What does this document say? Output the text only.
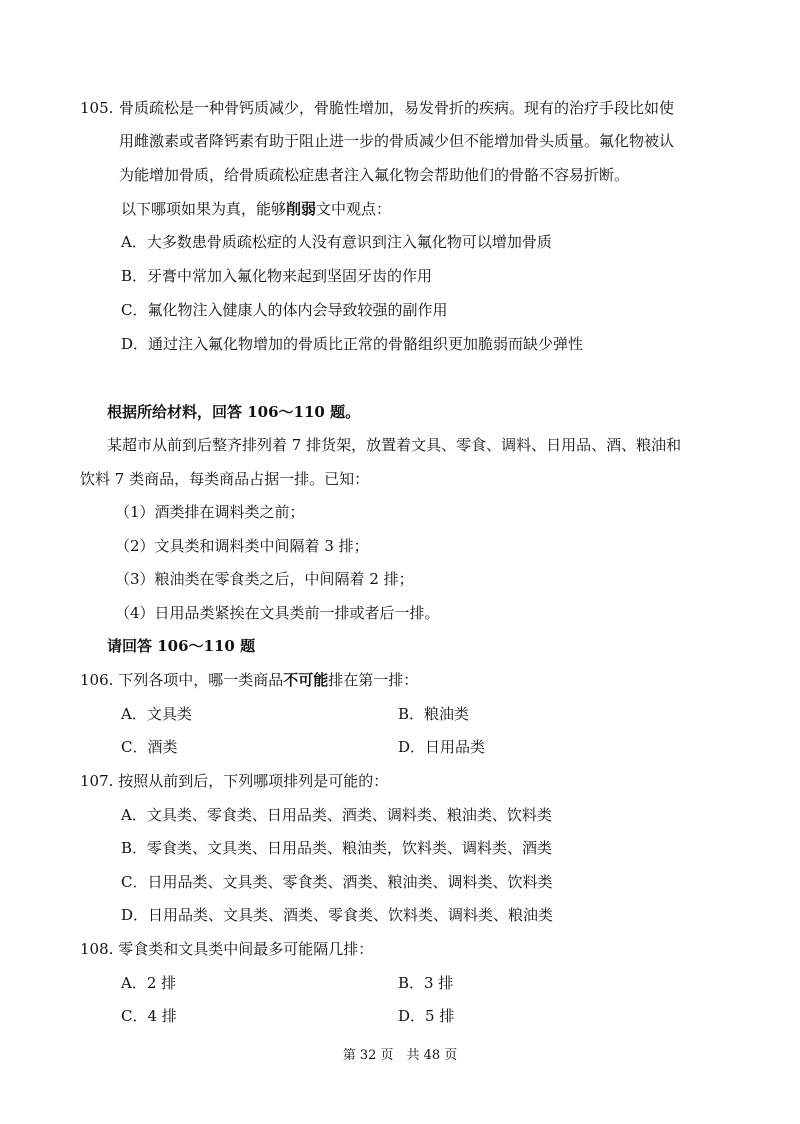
105. 骨质疏松是一种骨钙质减少，骨脆性增加，易发骨折的疾病。现有的治疗手段比如使
用雌激素或者降钙素有助于阻止进一步的骨质减少但不能增加骨头质量。氟化物被认
为能增加骨质，给骨质疏松症患者注入氟化物会帮助他们的骨骼不容易折断。
以下哪项如果为真，能够削弱文中观点：
A．大多数患骨质疏松症的人没有意识到注入氟化物可以增加骨质
B．牙膏中常加入氟化物来起到坚固牙齿的作用
C．氟化物注入健康人的体内会导致较强的副作用
D．通过注入氟化物增加的骨质比正常的骨骼组织更加脆弱而缺少弹性
根据所给材料，回答 106～110 题。
某超市从前到后整齐排列着 7 排货架，放置着文具、零食、调料、日用品、酒、粮油和
饮料 7 类商品，每类商品占据一排。已知：
（1）酒类排在调料类之前；
（2）文具类和调料类中间隔着 3 排；
（3）粮油类在零食类之后，中间隔着 2 排；
（4）日用品类紧挨在文具类前一排或者后一排。
请回答 106～110 题
106. 下列各项中，哪一类商品不可能排在第一排：
A．文具类	B．粮油类
C．酒类	D．日用品类
107. 按照从前到后，下列哪项排列是可能的：
A．文具类、零食类、日用品类、酒类、调料类、粮油类、饮料类
B．零食类、文具类、日用品类、粮油类，饮料类、调料类、酒类
C．日用品类、文具类、零食类、酒类、粮油类、调料类、饮料类
D．日用品类、文具类、酒类、零食类、饮料类、调料类、粮油类
108. 零食类和文具类中间最多可能隔几排：
A．2 排	B．3 排
C．4 排	D．5 排
第 32 页　共 48 页
